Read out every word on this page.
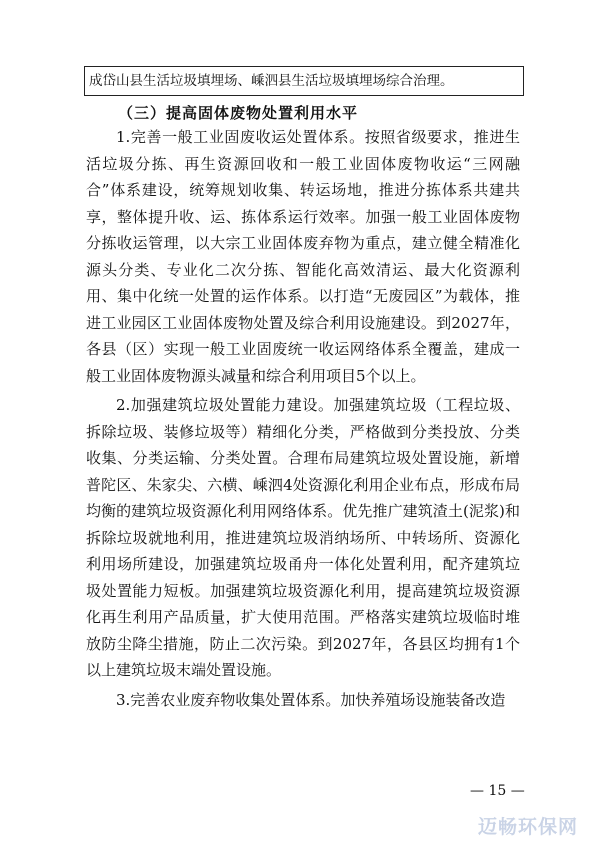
成岱山县生活垃圾填埋场、嵊泗县生活垃圾填埋场综合治理。
（三）提高固体废物处置利用水平

1.完善一般工业固废收运处置体系。按照省级要求，推进生活垃圾分拣、再生资源回收和一般工业固体废物收运“三网融合”体系建设，统筹规划收集、转运场地，推进分拣体系共建共享，整体提升收、运、拣体系运行效率。加强一般工业固体废物分拣收运管理，以大宗工业固体废弃物为重点，建立健全精准化源头分类、专业化二次分拣、智能化高效清运、最大化资源利用、集中化统一处置的运作体系。以打造“无废园区”为载体，推进工业园区工业固体废物处置及综合利用设施建设。到2027年，各县（区）实现一般工业固废统一收运网络体系全覆盖，建成一般工业固体废物源头减量和综合利用项目5个以上。

2.加强建筑垃圾处置能力建设。加强建筑垃圾（工程垃圾、拆除垃圾、装修垃圾等）精细化分类，严格做到分类投放、分类收集、分类运输、分类处置。合理布局建筑垃圾处置设施，新增普陀区、朱家尖、六横、嵊泗4处资源化利用企业布点，形成布局均衡的建筑垃圾资源化利用网络体系。优先推广建筑渣土(泥浆)和拆除垃圾就地利用，推进建筑垃圾消纳场所、中转场所、资源化利用场所建设，加强建筑垃圾甬舟一体化处置利用，配齐建筑垃圾处置能力短板。加强建筑垃圾资源化利用，提高建筑垃圾资源化再生利用产品质量，扩大使用范围。严格落实建筑垃圾临时堆放防尘降尘措施，防止二次污染。到2027年，各县区均拥有1个以上建筑垃圾末端处置设施。

3.完善农业废弃物收集处置体系。加快养殖场设施装备改造

— 15 —
迈畅环保网
